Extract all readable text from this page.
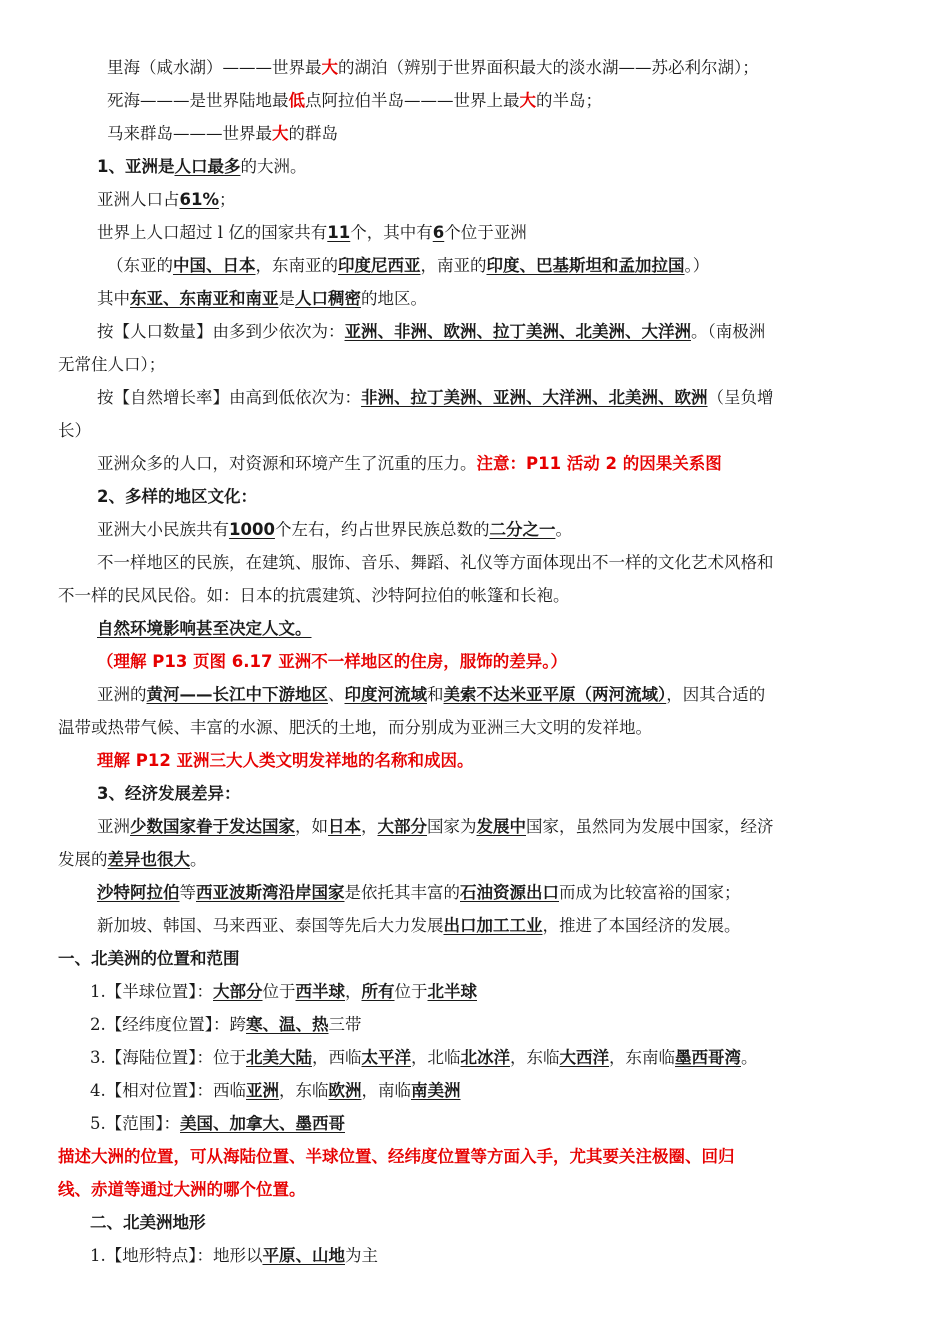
里海（咸水湖）———世界最大的湖泊（辨别于世界面积最大的淡水湖——苏必利尔湖）；
死海———是世界陆地最低点阿拉伯半岛———世界上最大的半岛；
马来群岛———世界最大的群岛
1、亚洲是人口最多的大洲。
亚洲人口占61%；
世界上人口超过 l 亿的国家共有11个，其中有6个位于亚洲
（东亚的中国、日本，东南亚的印度尼西亚，南亚的印度、巴基斯坦和孟加拉国。）
其中东亚、东南亚和南亚是人口稠密的地区。
按【人口数量】由多到少依次为：亚洲、非洲、欧洲、拉丁美洲、北美洲、大洋洲。（南极洲
无常住人口）；
按【自然增长率】由高到低依次为：非洲、拉丁美洲、亚洲、大洋洲、北美洲、欧洲（呈负增
长）
亚洲众多的人口，对资源和环境产生了沉重的压力。注意：P11 活动 2 的因果关系图
2、多样的地区文化：
亚洲大小民族共有1000个左右，约占世界民族总数的二分之一。
不一样地区的民族，在建筑、服饰、音乐、舞蹈、礼仪等方面体现出不一样的文化艺术风格和
不一样的民风民俗。如：日本的抗震建筑、沙特阿拉伯的帐篷和长袍。
自然环境影响甚至决定人文。
（理解 P13 页图 6.17 亚洲不一样地区的住房，服饰的差异。）
亚洲的黄河——长江中下游地区、印度河流域和美索不达米亚平原（两河流域），因其合适的
温带或热带气候、丰富的水源、肥沃的土地，而分别成为亚洲三大文明的发祥地。
理解 P12 亚洲三大人类文明发祥地的名称和成因。
3、经济发展差异：
亚洲少数国家眷于发达国家，如日本，大部分国家为发展中国家，虽然同为发展中国家，经济
发展的差异也很大。
沙特阿拉伯等西亚波斯湾沿岸国家是依托其丰富的石油资源出口而成为比较富裕的国家；
新加坡、韩国、马来西亚、泰国等先后大力发展出口加工工业，推进了本国经济的发展。
一、北美洲的位置和范围
1.【半球位置】：大部分位于西半球，所有位于北半球
2.【经纬度位置】：跨寒、温、热三带
3.【海陆位置】：位于北美大陆，西临太平洋，北临北冰洋，东临大西洋，东南临墨西哥湾。
4.【相对位置】：西临亚洲，东临欧洲，南临南美洲
5.【范围】：美国、加拿大、墨西哥
描述大洲的位置，可从海陆位置、半球位置、经纬度位置等方面入手，尤其要关注极圈、回归
线、赤道等通过大洲的哪个位置。
二、北美洲地形
1.【地形特点】：地形以平原、山地为主
